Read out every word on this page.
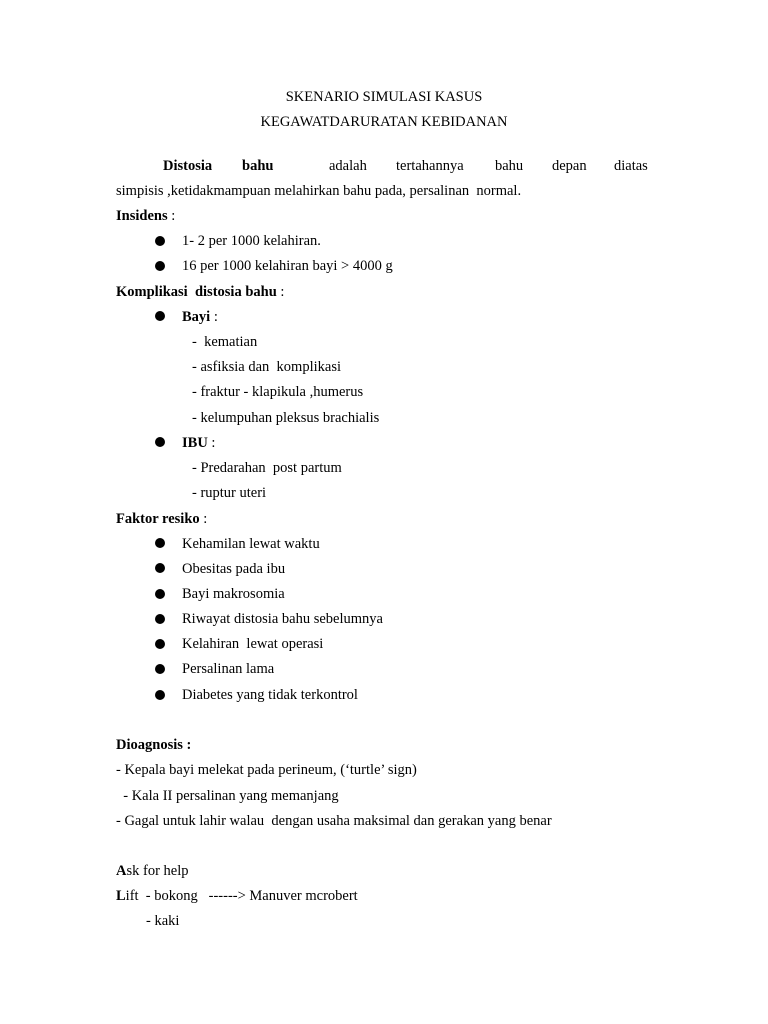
SKENARIO SIMULASI KASUS
KEGAWATDARURATAN KEBIDANAN
Distosia bahu	adalah tertahannya bahu depan diatas
simpisis ,ketidakmampuan melahirkan bahu pada, persalinan  normal.
Insidens :
1- 2 per 1000 kelahiran.
16 per 1000 kelahiran bayi > 4000 g
Komplikasi  distosia bahu :
Bayi :
-  kematian
- asfiksia dan  komplikasi
- fraktur - klapikula ,humerus
- kelumpuhan pleksus brachialis
IBU :
- Predarahan  post partum
- ruptur uteri
Faktor resiko :
Kehamilan lewat waktu
Obesitas pada ibu
Bayi makrosomia
Riwayat distosia bahu sebelumnya
Kelahiran  lewat operasi
Persalinan lama
Diabetes yang tidak terkontrol
Dioagnosis :
- Kepala bayi melekat pada perineum, (‘turtle’ sign)
- Kala II persalinan yang memanjang
- Gagal untuk lahir walau  dengan usaha maksimal dan gerakan yang benar
Ask for help
Lift  - bokong   ------> Manuver mcrobert
- kaki
